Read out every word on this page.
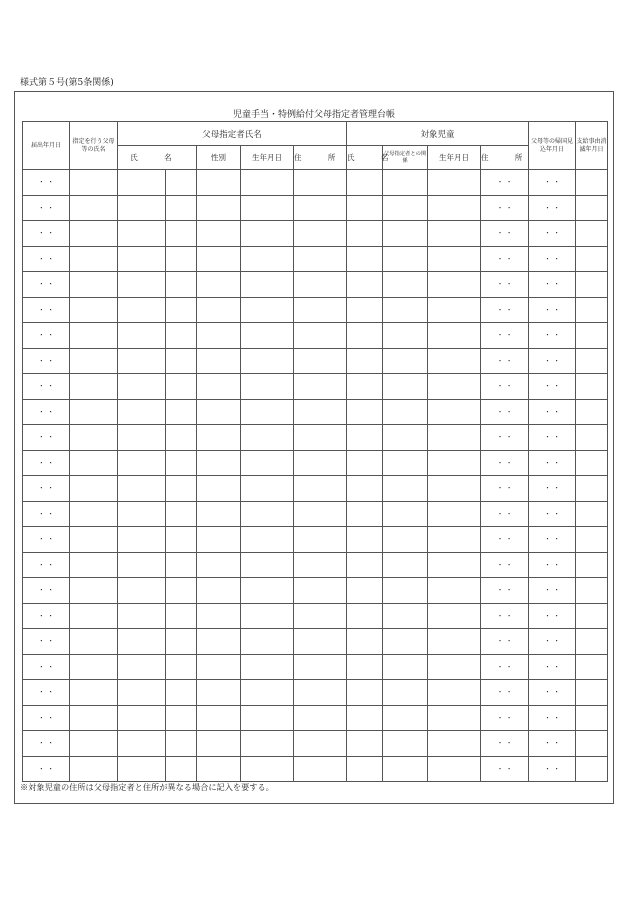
様式第５号(第5条関係)
児童手当・特例給付父母指定者管理台帳
届出年月日	指定を行う父母等の氏名	父母指定者氏名					対象児童				父母等の帰国見込年月日	支給事由消滅年月日	
		氏 名		性別	生年月日	住 所	氏 名	父母指定者との関係	生年月日	住 所			
・ ・										・ ・	・ ・		
・ ・										・ ・	・ ・		
・ ・										・ ・	・ ・		
・ ・										・ ・	・ ・		
・ ・										・ ・	・ ・		
・ ・										・ ・	・ ・		
・ ・										・ ・	・ ・		
・ ・										・ ・	・ ・		
・ ・										・ ・	・ ・		
・ ・										・ ・	・ ・		
・ ・										・ ・	・ ・		
・ ・										・ ・	・ ・		
・ ・										・ ・	・ ・		
・ ・										・ ・	・ ・		
・ ・										・ ・	・ ・		
・ ・										・ ・	・ ・		
・ ・										・ ・	・ ・		
・ ・										・ ・	・ ・		
・ ・										・ ・	・ ・		
・ ・										・ ・	・ ・		
・ ・										・ ・	・ ・		
・ ・										・ ・	・ ・		
・ ・										・ ・	・ ・		
・ ・										・ ・	・ ・		
※対象児童の住所は父母指定者と住所が異なる場合に記入を要する。
